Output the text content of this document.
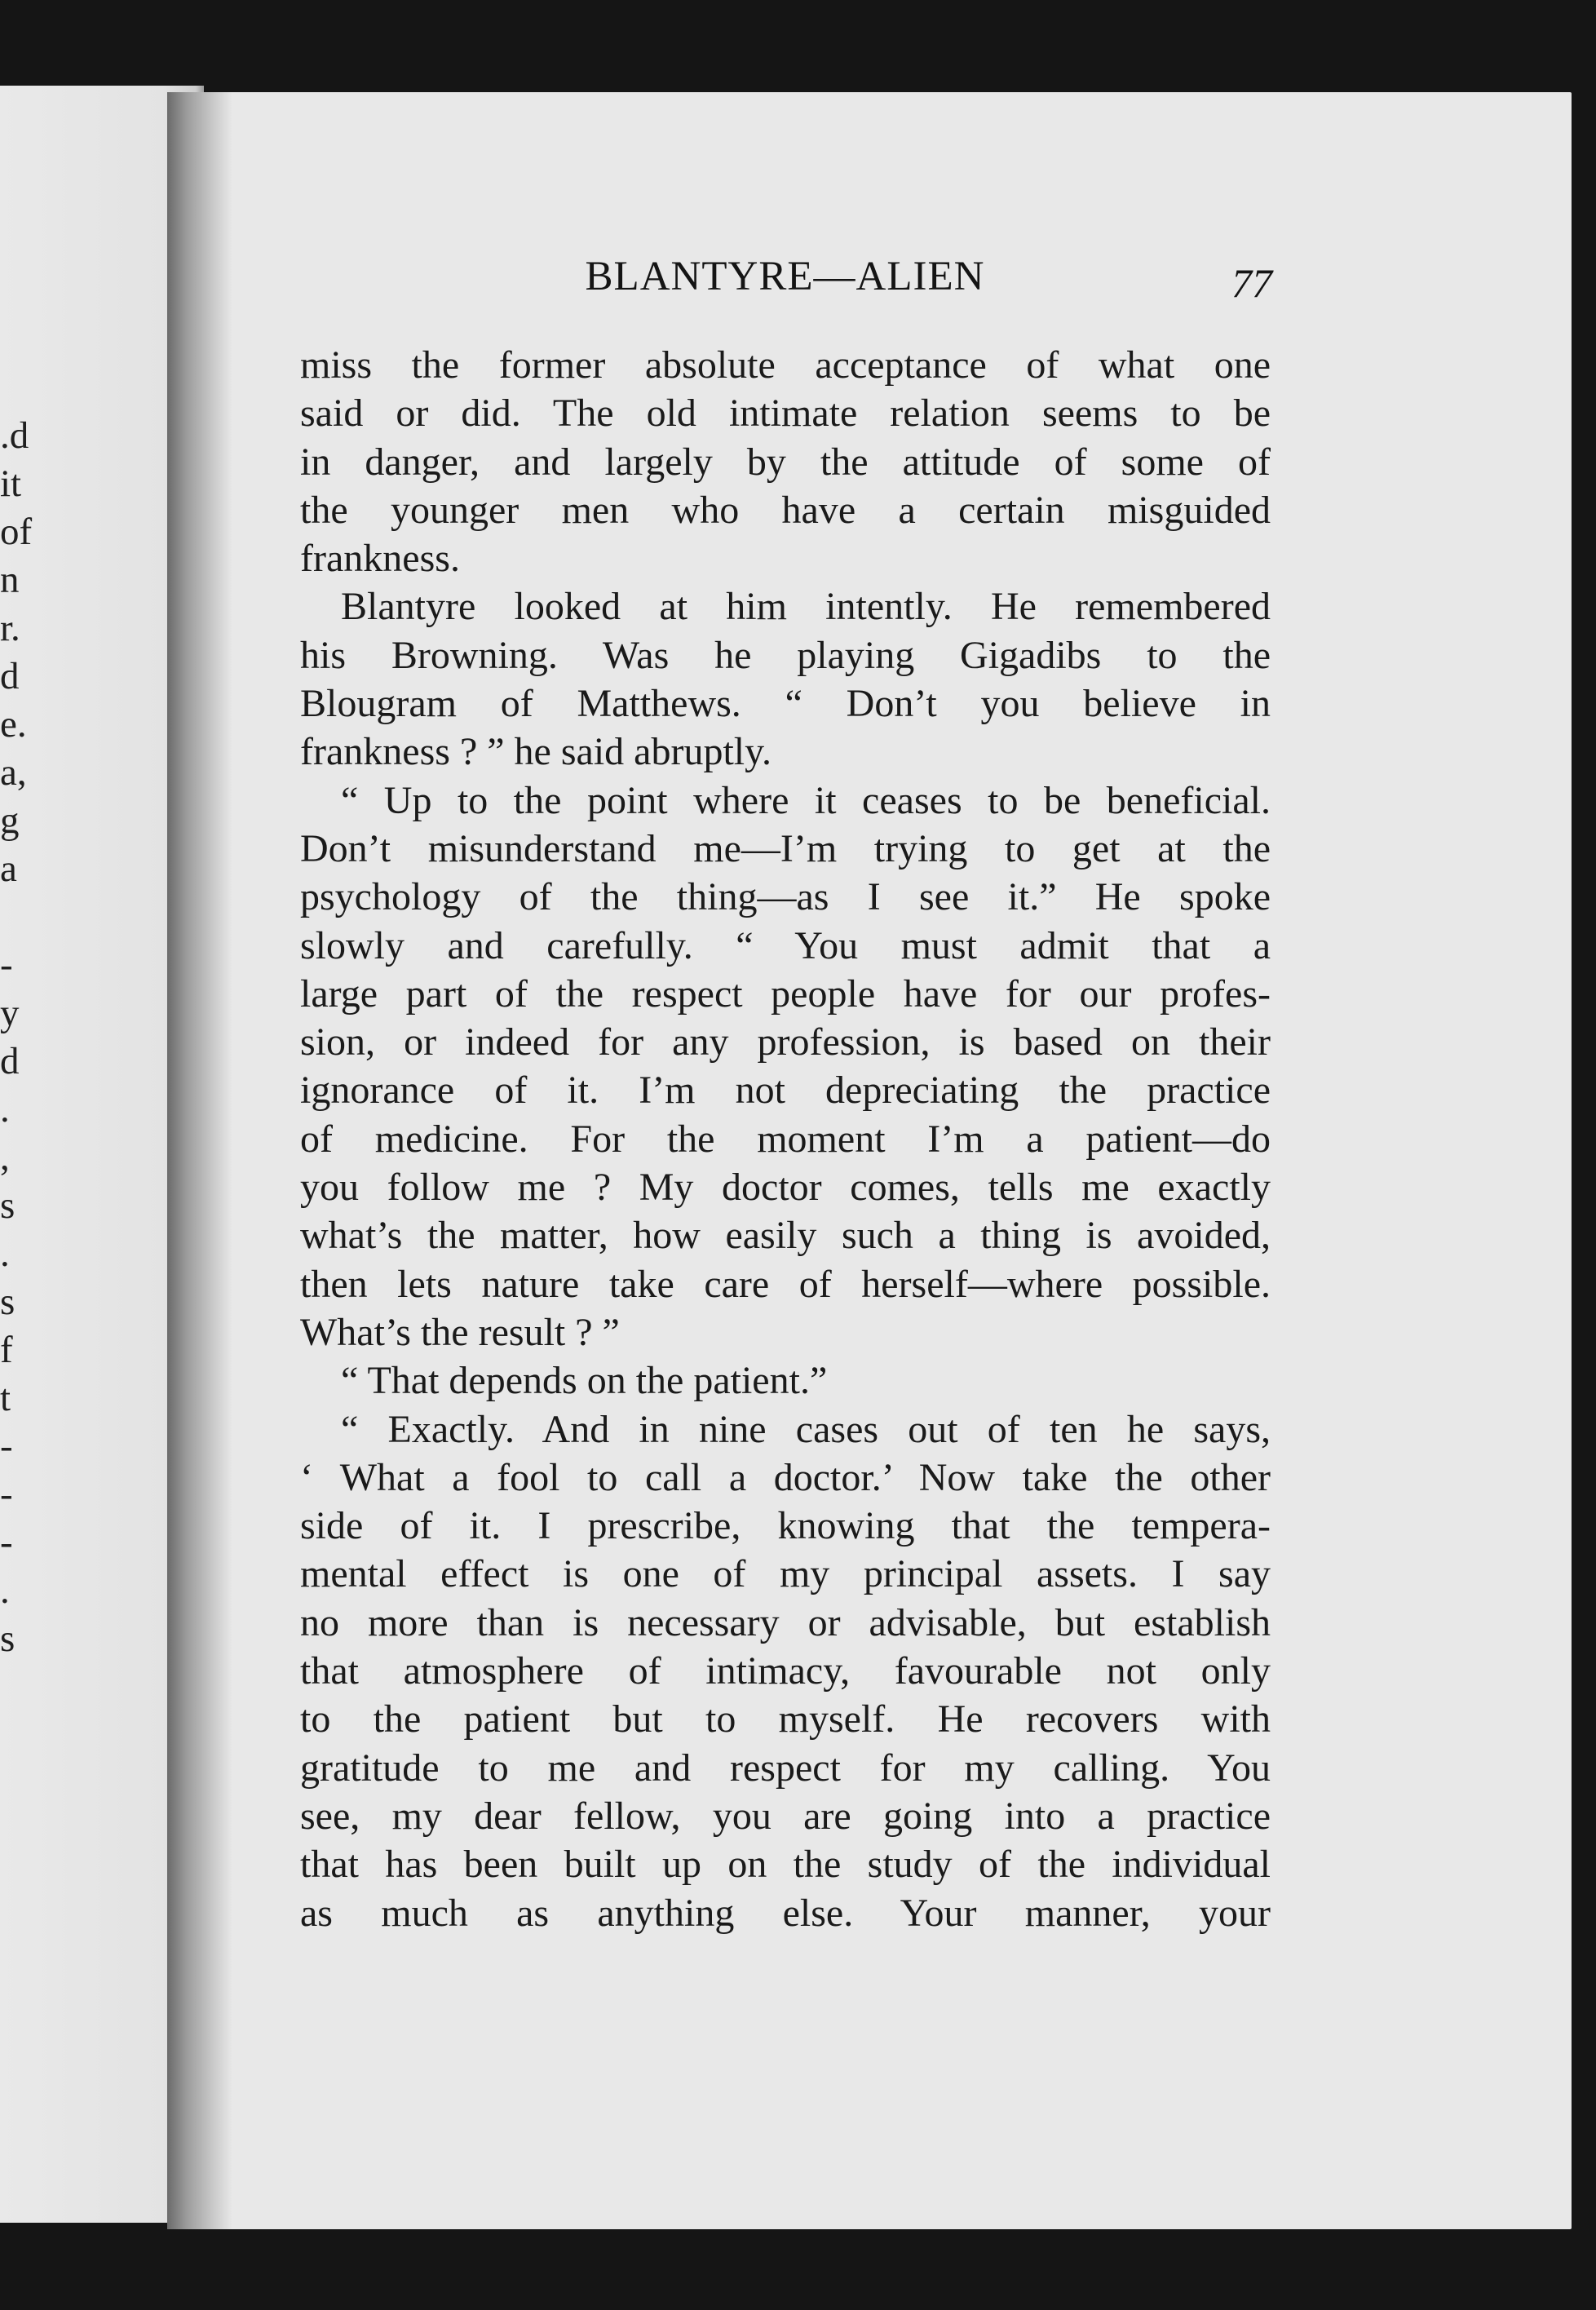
.d
it
of
n
r.
d
e.
a,
g
a
-
y
d
.
,
s
.
s
f
t
-
-
-
.
s
BLANTYRE—ALIEN	77
miss the former absolute acceptance of what one
said or did. The old intimate relation seems to be
in danger, and largely by the attitude of some of
the younger men who have a certain misguided
frankness.
Blantyre looked at him intently. He remembered
his Browning. Was he playing Gigadibs to the
Blougram of Matthews. “ Don’t you believe in
frankness ? ” he said abruptly.
“ Up to the point where it ceases to be beneficial.
Don’t misunderstand me—I’m trying to get at the
psychology of the thing—as I see it.” He spoke
slowly and carefully. “ You must admit that a
large part of the respect people have for our profes-
sion, or indeed for any profession, is based on their
ignorance of it. I’m not depreciating the practice
of medicine. For the moment I’m a patient—do
you follow me ? My doctor comes, tells me exactly
what’s the matter, how easily such a thing is avoided,
then lets nature take care of herself—where possible.
What’s the result ? ”
“ That depends on the patient.”
“ Exactly. And in nine cases out of ten he says,
‘ What a fool to call a doctor.’ Now take the other
side of it. I prescribe, knowing that the tempera-
mental effect is one of my principal assets. I say
no more than is necessary or advisable, but establish
that atmosphere of intimacy, favourable not only
to the patient but to myself. He recovers with
gratitude to me and respect for my calling. You
see, my dear fellow, you are going into a practice
that has been built up on the study of the individual
as much as anything else. Your manner, your
